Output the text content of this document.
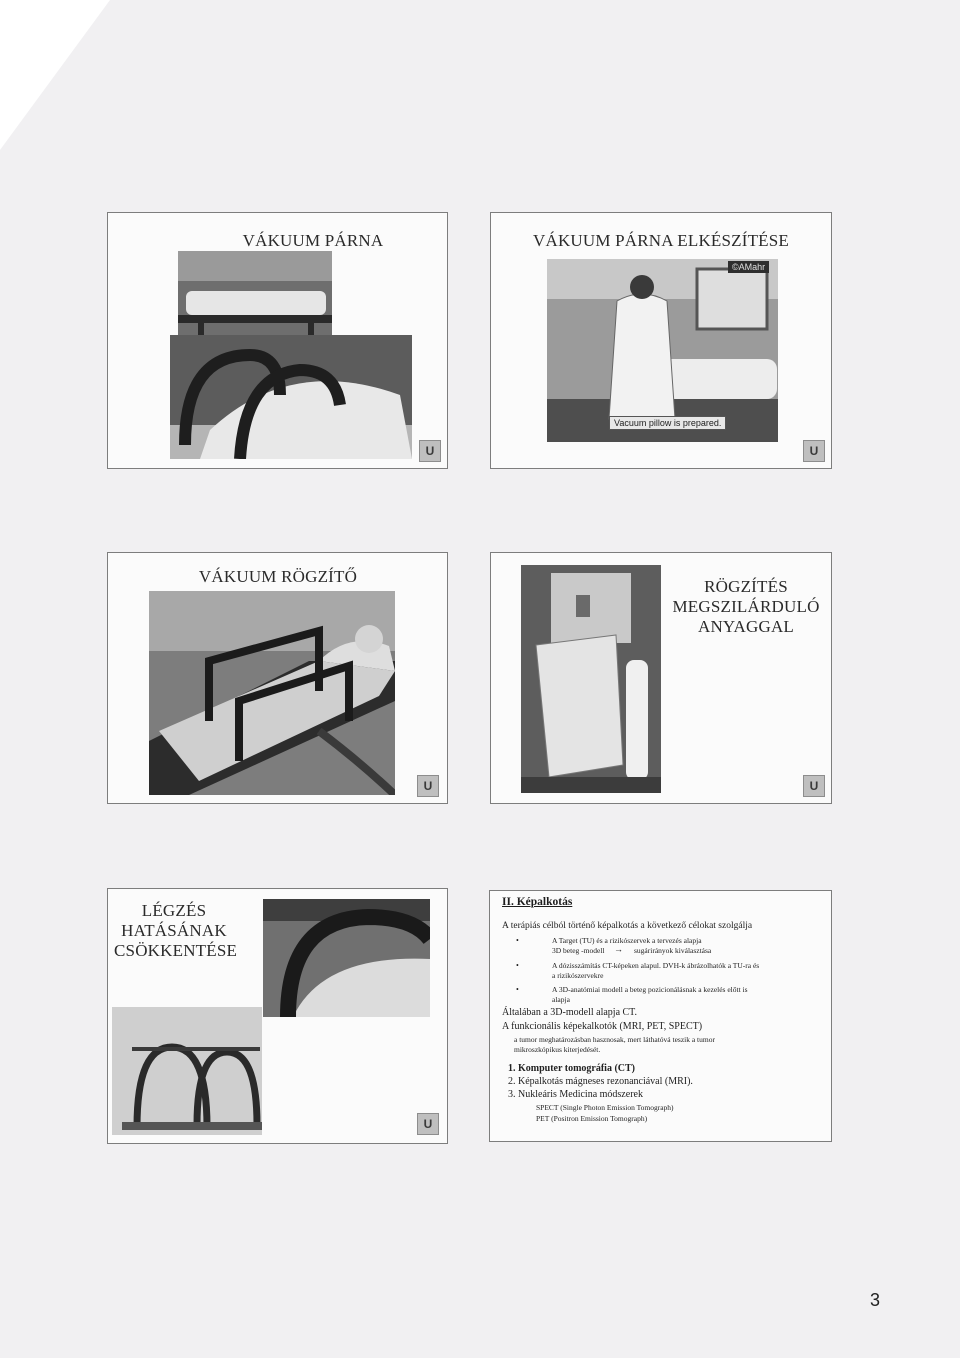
VÁKUUM PÁRNA
U
VÁKUUM PÁRNA ELKÉSZÍTÉSE
©AMahr
Vacuum pillow is prepared.
U
VÁKUUM RÖGZÍTŐ
U
RÖGZÍTÉS
MEGSZILÁRDULÓ
ANYAGGAL
U
LÉGZÉS
HATÁSÁNAK
CSÖKKENTÉSE
U
II. Képalkotás
A terápiás célból történő képalkotás a következő célokat szolgálja
•	A Target (TU) és a rizikószervek a tervezés alapja
3D beteg -modell → sugárirányok kiválasztása
•	A dózisszámítás CT-képeken alapul. DVH-k ábrázolhatók a TU-ra és
a rizikószervekre
•	A 3D-anatómiai modell a beteg pozicionálásnak a kezelés előtt is
alapja
Általában a 3D-modell alapja CT.
A funkcionális képekalkotók (MRI, PET, SPECT)
a tumor meghatározásban hasznosak, mert láthatóvá teszik a tumor
mikroszkópikus kiterjedését.
1. Komputer tomográfia (CT)
2. Képalkotás mágneses rezonanciával (MRI).
3. Nukleáris Medicina módszerek
SPECT (Single Photon Emission Tomograph)
PET (Positron Emission Tomograph)
3
